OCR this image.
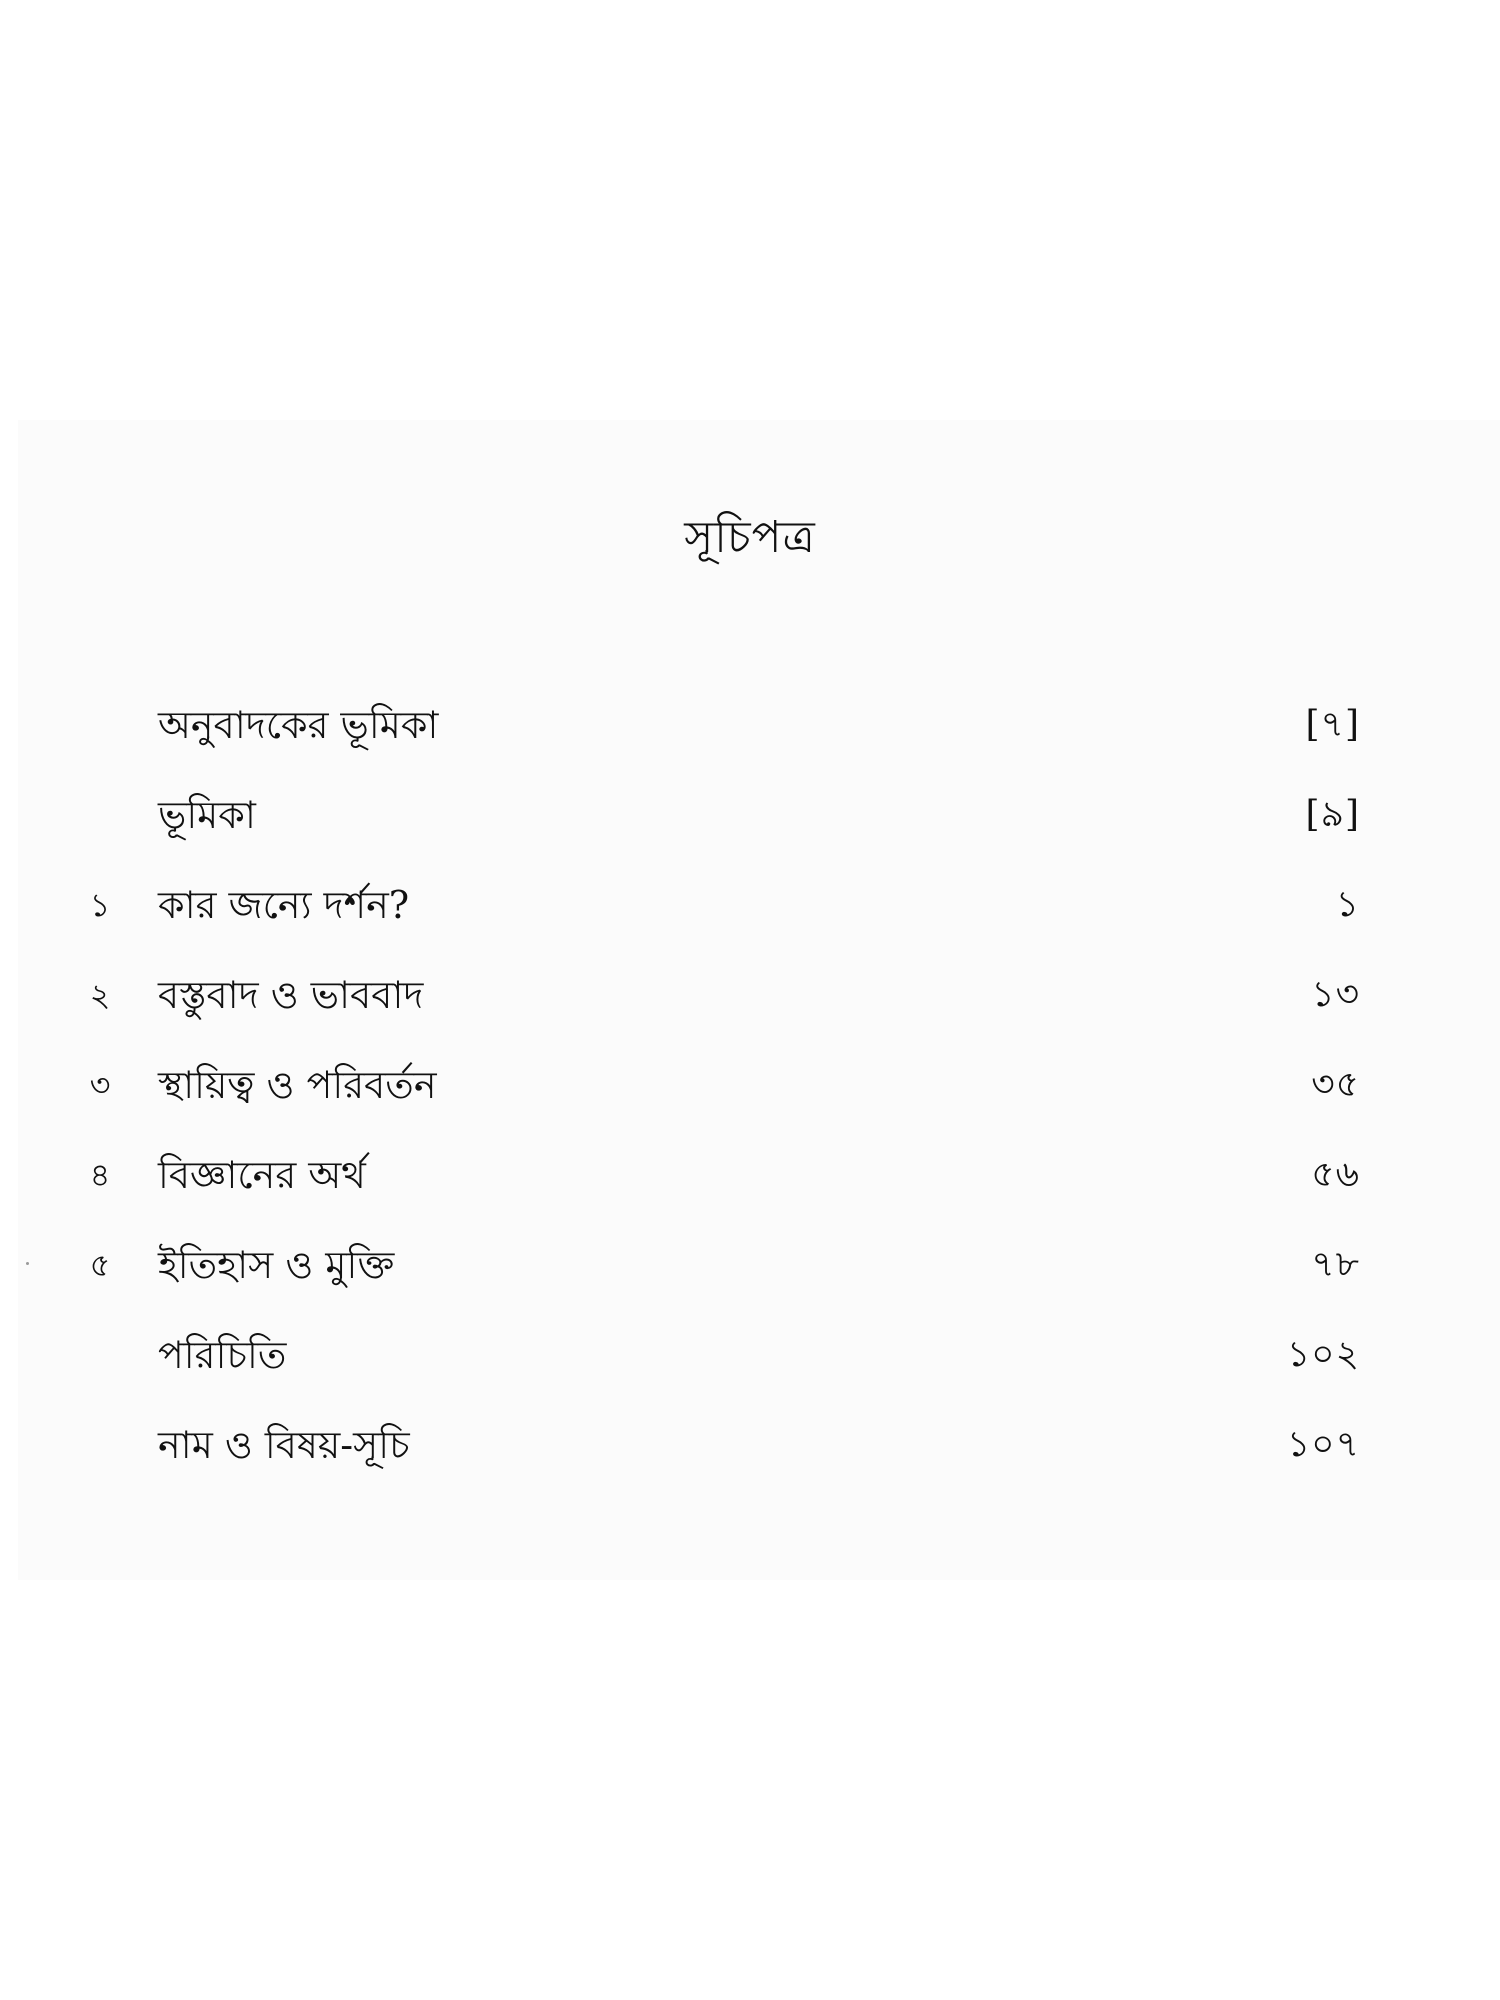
সূচিপত্র
অনুবাদকের ভূমিকা	[৭]
ভূমিকা	[৯]
১ কার জন্যে দর্শন?	১
২ বস্তুবাদ ও ভাববাদ	১৩
৩ স্থায়িত্ব ও পরিবর্তন	৩৫
৪ বিজ্ঞানের অর্থ	৫৬
৫ ইতিহাস ও মুক্তি	৭৮
পরিচিতি	১০২
নাম ও বিষয়-সূচি	১০৭
